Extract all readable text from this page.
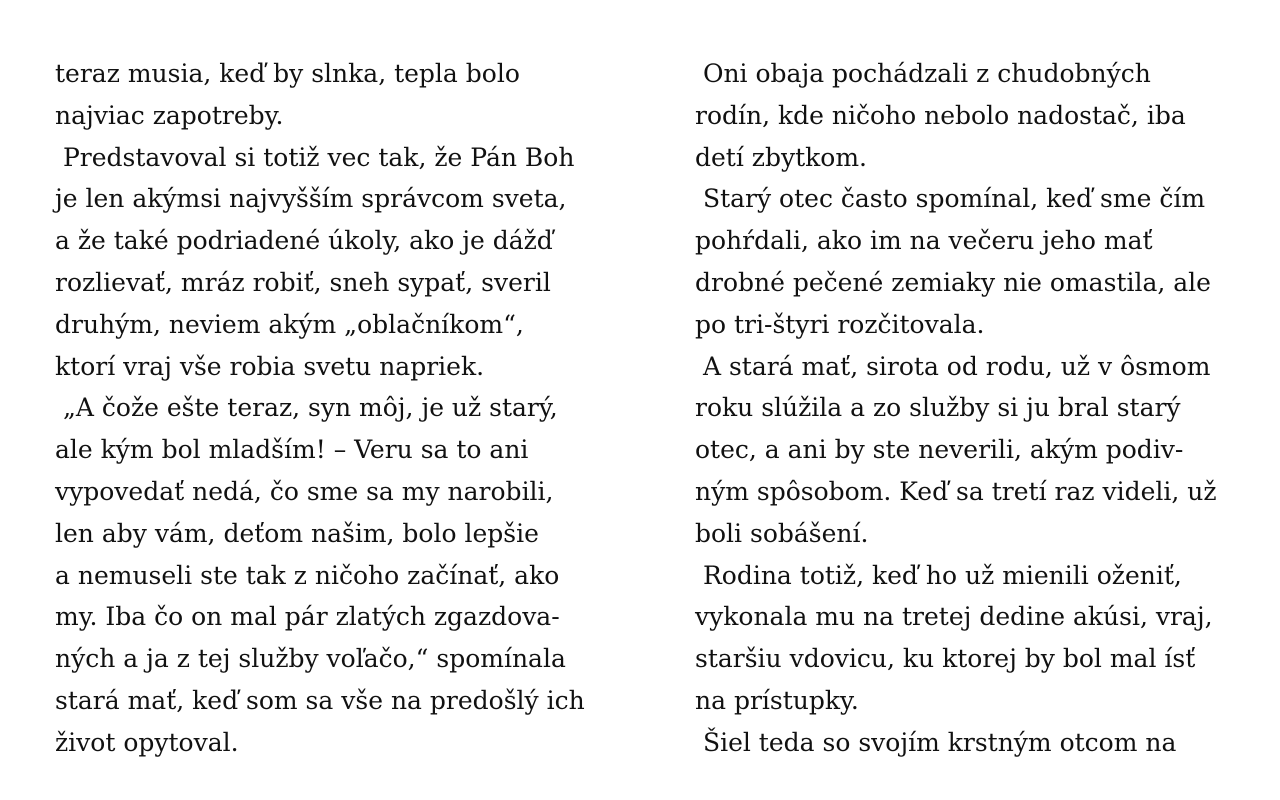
teraz musia, keď by slnka, tepla bolo
najviac zapotreby.
Predstavoval si totiž vec tak, že Pán Boh
je len akýmsi najvyšším správcom sveta,
a že také podriadené úkoly, ako je dážď
rozlievať, mráz robiť, sneh sypať, sveril
druhým, neviem akým „oblačníkom“,
ktorí vraj vše robia svetu napriek.
„A čože ešte teraz, syn môj, je už starý,
ale kým bol mladším! – Veru sa to ani
vypovedať nedá, čo sme sa my narobili,
len aby vám, deťom našim, bolo lepšie
a nemuseli ste tak z ničoho začínať, ako
my. Iba čo on mal pár zlatých zgazdova-
ných a ja z tej služby voľačo,“ spomínala
stará mať, keď som sa vše na predošlý ich
život opytoval.
Oni obaja pochádzali z chudobných
rodín, kde ničoho nebolo nadostač, iba
detí zbytkom.
Starý otec často spomínal, keď sme čím
pohŕdali, ako im na večeru jeho mať
drobné pečené zemiaky nie omastila, ale
po tri-štyri rozčitovala.
A stará mať, sirota od rodu, už v ôsmom
roku slúžila a zo služby si ju bral starý
otec, a ani by ste neverili, akým podiv-
ným spôsobom. Keď sa tretí raz videli, už
boli sobášení.
Rodina totiž, keď ho už mienili oženiť,
vykonala mu na tretej dedine akúsi, vraj,
staršiu vdovicu, ku ktorej by bol mal ísť
na prístupky.
Šiel teda so svojím krstným otcom na
